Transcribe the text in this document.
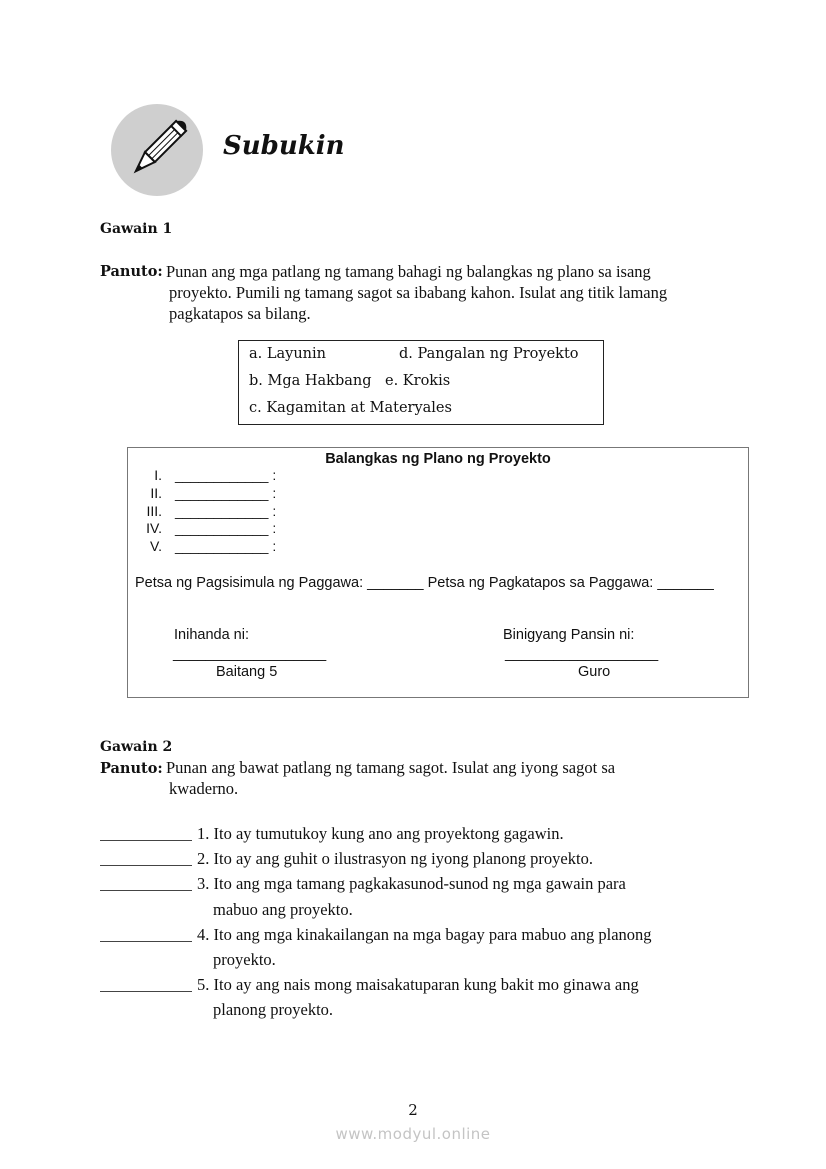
Subukin
Gawain 1
Panuto: Punan ang mga patlang ng tamang bahagi ng balangkas ng plano sa isang
proyekto. Pumili ng tamang sagot sa ibabang kahon. Isulat ang titik lamang
pagkatapos sa bilang.
a. Layunin
b. Mga Hakbang
c. Kagamitan at Materyales
d. Pangalan ng Proyekto
e. Krokis
Balangkas ng Plano ng Proyekto
I. ____________ :
II. ____________ :
III. ____________ :
IV. ____________ :
V. ____________ :
Petsa ng Pagsisimula ng Paggawa: _______ Petsa ng Pagkatapos sa Paggawa: _______
Inihanda ni:
___________________
Baitang 5
Binigyang Pansin ni:
___________________
Guro
Gawain 2
Panuto: Punan ang bawat patlang ng tamang sagot. Isulat ang iyong sagot sa
kwaderno.
1. Ito ay tumutukoy kung ano ang proyektong gagawin.
2. Ito ay ang guhit o ilustrasyon ng iyong planong proyekto.
3. Ito ang mga tamang pagkakasunod-sunod ng mga gawain para
mabuo ang proyekto.
4. Ito ang mga kinakailangan na mga bagay para mabuo ang planong
proyekto.
5. Ito ay ang nais mong maisakatuparan kung bakit mo ginawa ang
planong proyekto.
2
www.modyul.online
